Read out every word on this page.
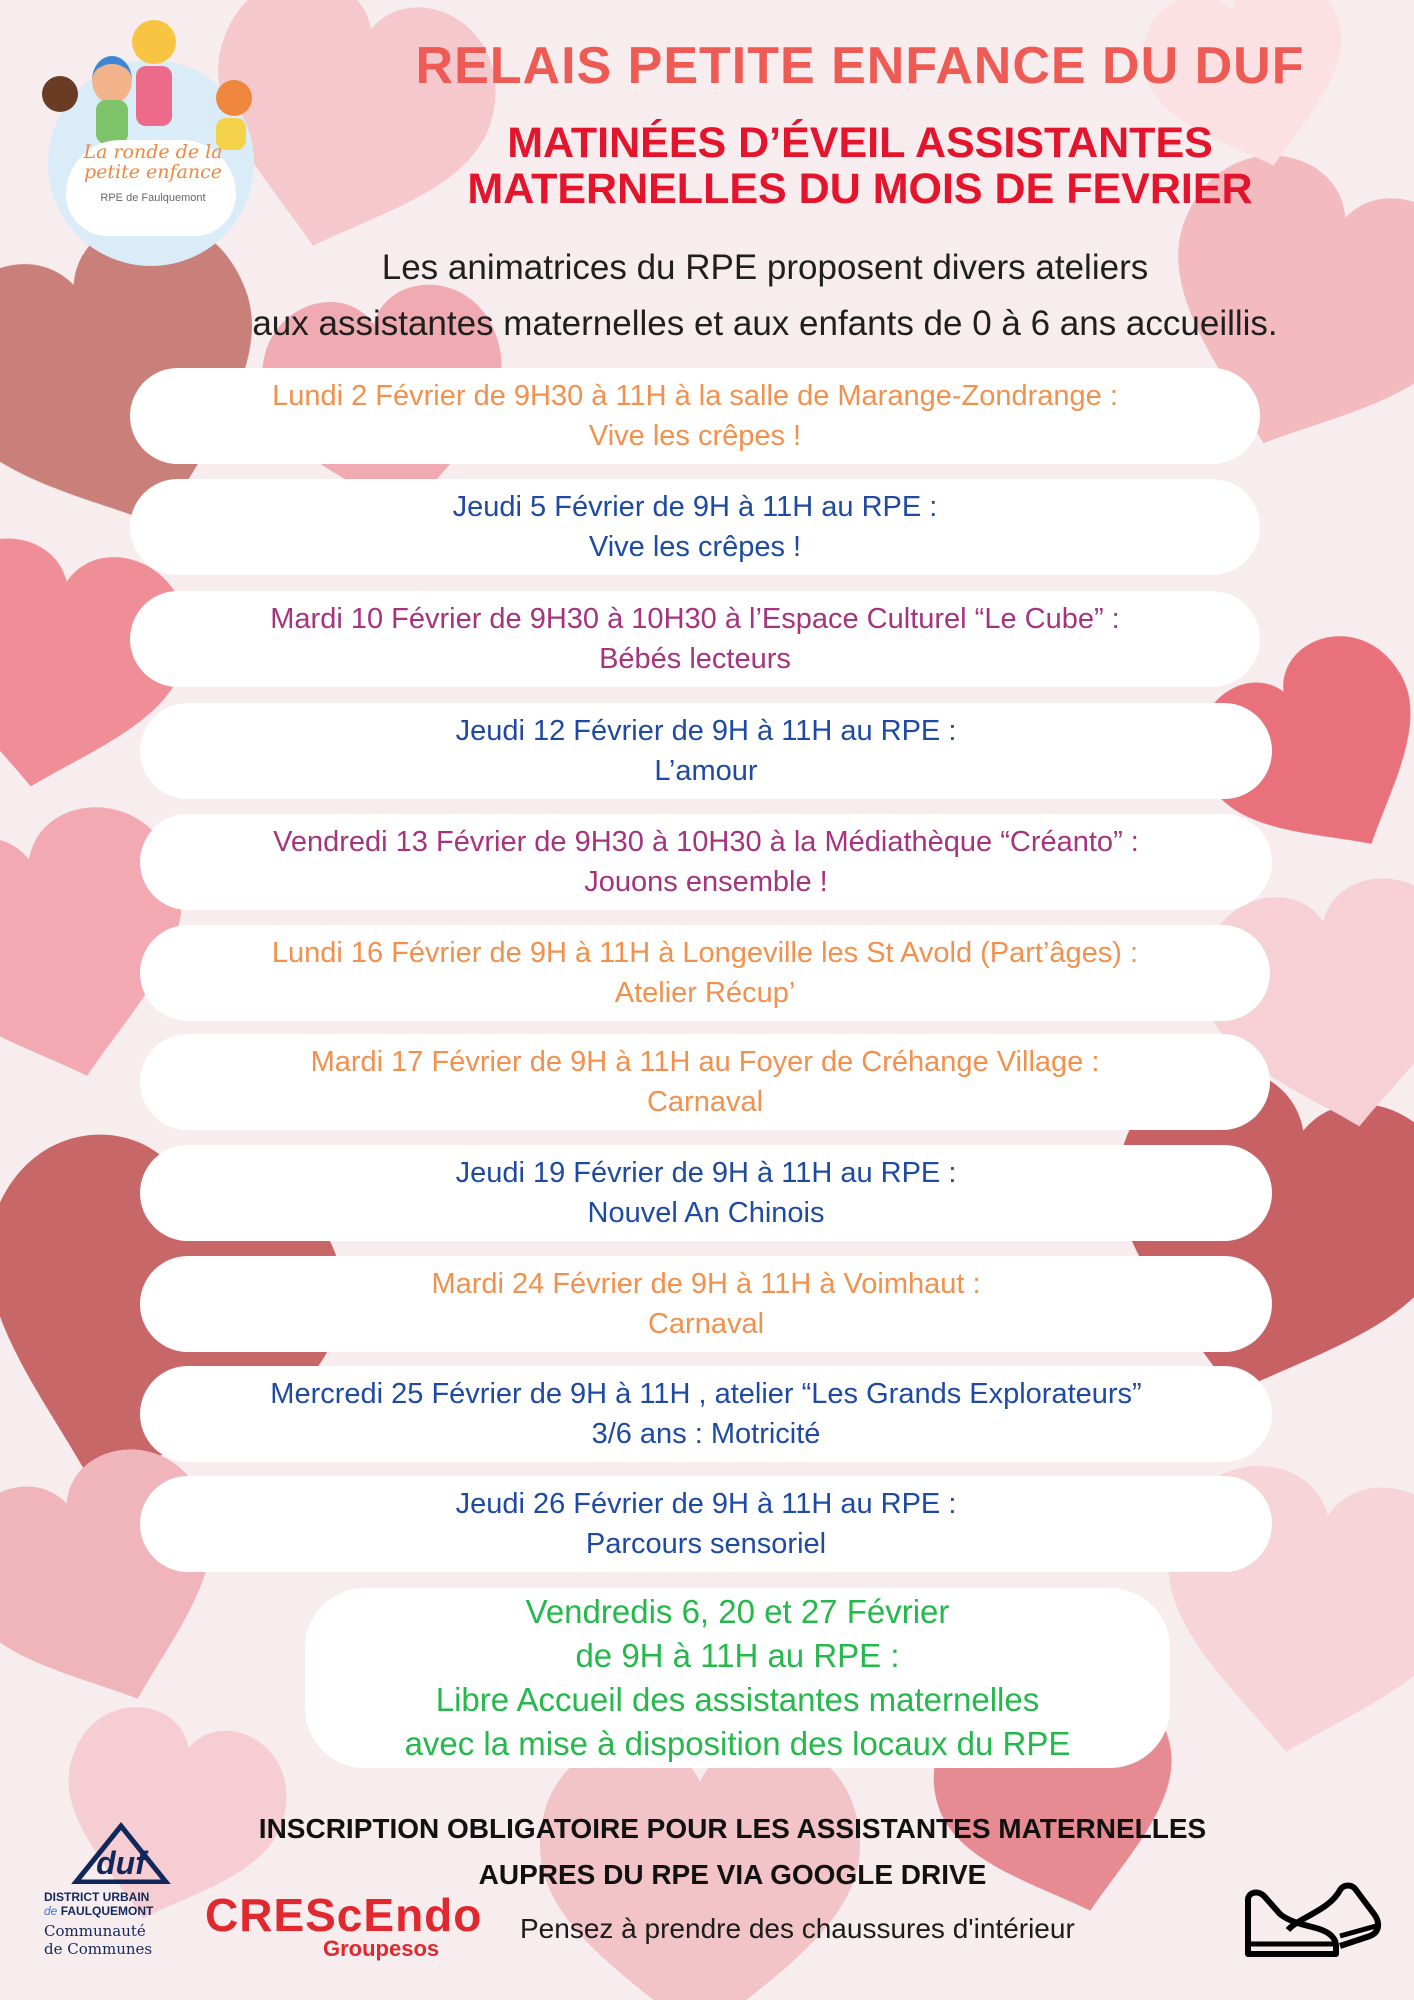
La ronde de la
petite enfance
RPE de Faulquemont
RELAIS PETITE ENFANCE DU DUF
MATINÉES D’ÉVEIL ASSISTANTES
MATERNELLES DU MOIS DE FEVRIER
Les animatrices du RPE proposent divers ateliers
aux assistantes maternelles et aux enfants de 0 à 6 ans accueillis.
Lundi 2 Février de 9H30 à 11H à la salle de Marange-Zondrange :
Vive les crêpes !
Jeudi 5 Février de 9H à 11H au RPE :
Vive les crêpes !
Mardi 10 Février de 9H30 à 10H30 à l’Espace Culturel “Le Cube” :
Bébés lecteurs
Jeudi 12 Février de 9H à 11H au RPE :
L’amour
Vendredi 13 Février de 9H30 à 10H30 à la Médiathèque “Créanto” :
Jouons ensemble !
Lundi 16 Février de 9H à 11H à Longeville les St Avold (Part’âges) :
Atelier Récup’
Mardi 17 Février de 9H à 11H au Foyer de Créhange Village :
Carnaval
Jeudi 19 Février de 9H à 11H au RPE :
Nouvel An Chinois
Mardi 24 Février de 9H à 11H à Voimhaut :
Carnaval
Mercredi 25 Février de 9H à 11H , atelier “Les Grands Explorateurs”
3/6 ans : Motricité
Jeudi 26 Février de 9H à 11H au RPE :
Parcours sensoriel
Vendredis 6, 20 et 27 Février
de 9H à 11H au RPE :
Libre Accueil des assistantes maternelles
avec la mise à disposition des locaux du RPE
INSCRIPTION OBLIGATOIRE POUR LES ASSISTANTES MATERNELLES
AUPRES DU RPE VIA GOOGLE DRIVE
Pensez à prendre des chaussures d'intérieur
duf
DISTRICT URBAIN
de FAULQUEMONT
Communauté
de Communes
CREScEndo
Groupesos
